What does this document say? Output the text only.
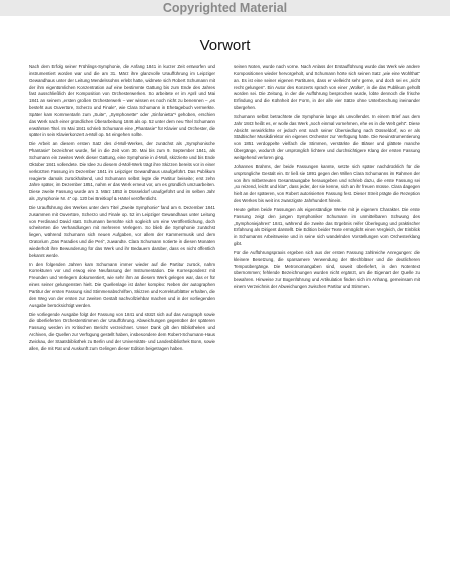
Copyrighted Material
Vorwort

Nach dem Erfolg seiner Frühlings-Symphonie, die Anfang 1841 in kurzer Zeit entworfen und instrumentiert worden war und die am 31. März ihre glanzvolle Uraufführung im Leipziger Gewandhaus unter der Leitung Mendelssohns erlebt hatte, widmete sich Robert Schumann mit der ihm eigentümlichen Konzentration auf eine bestimmte Gattung bis zum Ende des Jahres fast ausschließlich der Komposition von Orchesterwerken. So arbeitete er im April und Mai 1841 an seinem „ersten großen Orchesterwerk – wer wissen es noch nicht zu benennen – „es besteht aus Ouvertüre, Scherzo und Finale“, wie Clara Schumann in Ehetagebuch vermerkte. Später kam Kommentarln zum „Suite“, „Symphonette“ oder „Sinfonietta“¹ gehoben, erschien das Werk nach einer gründlichen Überarbeitung 1846 als op. 52 unter dem neu Titel Schumann erwähnten Titel. Im Mai 1841 schrieb Schumann eine „Phantasie“ für Klavier und Orchester, die später in sein Klavierkonzert a-Moll op. 54 eingehen sollte.

Die Arbeit an diesem ersten Satz des d-Moll-Werkes, der zunächst als „Symphonische Phantasie“ bezeichnet wurde, fiel in die Zeit vom 30. Mai bis zum 9. September 1841, als Schumann ein zweites Werk dieser Gattung, eine Symphonie in d-Moll, skizzierte und bis Ende Oktober 1841 vollendete. Die Idee zu diesem d-Moll-Werk trägt ihre Skizzen bereits vor in einer verkürzten Fassung im Dezember 1841 im Leipziger Gewandhaus uraufgeführt. Das Publikum reagierte damals zurückhaltend, und Schumann selbst legte die Partitur beiseite; erst zehn Jahre später, im Dezember 1851, nahm er das Werk erneut vor, um es gründlich umzuarbeiten. Diese zweite Fassung wurde am 3. März 1853 in Düsseldorf uraufgeführt und im selben Jahr als „Symphonie Nr. 4“ op. 120 bei Breitkopf & Härtel veröffentlicht.

Die Uraufführung des Werkes unter dem Titel „Zweite Symphonie“ fand am 6. Dezember 1841 zusammen mit Ouvertüre, Scherzo und Finale op. 52 im Leipziger Gewandhaus unter Leitung von Ferdinand David statt. Schumann bemühte sich sogleich um eine Veröffentlichung, doch scheiterten die Verhandlungen mit mehreren Verlegern. So blieb die Symphonie zunächst liegen, während Schumann sich neuen Aufgaben, vor allem der Kammermusik und dem Oratorium „Das Paradies und die Peri“, zuwandte. Clara Schumann notierte in diesen Monaten wiederholt ihre Bewunderung für das Werk und ihr Bedauern darüber, dass es nicht öffentlich bekannt werde.

In den folgenden Jahren kam Schumann immer wieder auf die Partitur zurück, nahm Korrekturen vor und erwog eine Neufassung der Instrumentation. Die Korrespondenz mit Freunden und Verlegern dokumentiert, wie sehr ihm an diesem Werk gelegen war, das er für eines seiner gelungensten hielt. Die Quellenlage ist daher komplex: Neben der autographen Partitur der ersten Fassung sind Stimmenabschriften, Skizzen und Korrekturblätter erhalten, die den Weg von der ersten zur zweiten Gestalt nachvollziehbar machen und in der vorliegenden Ausgabe berücksichtigt werden.

Die vorliegende Ausgabe folgt der Fassung von 1841 und stützt sich auf das Autograph sowie die überlieferten Orchesterstimmen der Uraufführung. Abweichungen gegenüber der späteren Fassung werden im Kritischen Bericht verzeichnet. Unser Dank gilt den Bibliotheken und Archiven, die Quellen zur Verfügung gestellt haben, insbesondere dem Robert-Schumann-Haus Zwickau, der Staatsbibliothek zu Berlin und der Universitäts- und Landesbibliothek Bonn, sowie allen, die mit Rat und Auskunft zum Gelingen dieser Edition beigetragen haben.

seinen Noten, wurde nach vorne. Nach Anlass der Erstaufführung wurde das Werk wie andere Kompositionen wieder hervorgeholt, und Schumann hörte sich seinen Satz „wie eine Wohlthat“ an. Es ist eine seiner eigenen Partituren, dass er vielleicht sehr gerne, und doch sei es „nicht recht gelungen“. Ein Autor des Konzerts sprach von einer „Wolke“, in die das Publikum gehüllt worden sei. Die Zeitung, in der die Aufführung besprochen wurde, lobte dennoch die frische Erfindung und die Kühnheit der Form, in der alle vier Sätze ohne Unterbrechung ineinander übergehen.

Schumann selbst betrachtete die Symphonie lange als unvollendet. In einem Brief aus dem Jahr 1843 heißt es, er wolle das Werk „noch einmal vornehmen, ehe es in die Welt geht“. Diese Absicht verwirklichte er jedoch erst nach seiner Übersiedlung nach Düsseldorf, wo er als Städtischer Musikdirektor ein eigenes Orchester zur Verfügung hatte. Die Neuinstrumentierung von 1851 verdoppelte vielfach die Stimmen, verstärkte die Bläser und glättete manche Übergänge, wodurch der ursprünglich lichtere und durchsichtigere Klang der ersten Fassung weitgehend verloren ging.

Johannes Brahms, der beide Fassungen kannte, setzte sich später nachdrücklich für die ursprüngliche Gestalt ein. Er ließ sie 1891 gegen den Willen Clara Schumanns im Rahmen der von ihm mitbetreuten Gesamtausgabe herausgeben und schrieb dazu, die erste Fassung sei „so reizend, leicht und klar“, dass jeder, der sie kenne, sich an ihr freuen müsse. Clara dagegen hielt an der späteren, von Robert autorisierten Fassung fest. Dieser Streit prägte die Rezeption des Werkes bis weit ins zwanzigste Jahrhundert hinein.

Heute gelten beide Fassungen als eigenständige Werke mit je eigenem Charakter. Die erste Fassung zeigt den jungen Symphoniker Schumann im unmittelbaren Schwung des „Symphoniejahres“ 1841, während die zweite das Ergebnis reifer Überlegung und praktischer Erfahrung als Dirigent darstellt. Die Edition beider Texte ermöglicht einen Vergleich, der Einblick in Schumanns Arbeitsweise und in seine sich wandelnden Vorstellungen vom Orchesterklang gibt.

Für die Aufführungspraxis ergeben sich aus der ersten Fassung zahlreiche Anregungen: die kleinere Besetzung, die sparsamere Verwendung der Blechbläser und die deutlicheren Tempoübergänge. Die Metronomangaben sind, soweit überliefert, in den Notentext übernommen; fehlende Bezeichnungen wurden nicht ergänzt, um die Eigenart der Quelle zu bewahren. Hinweise zur Bogenführung und Artikulation finden sich im Anhang, gemeinsam mit einem Verzeichnis der Abweichungen zwischen Partitur und Stimmen.
